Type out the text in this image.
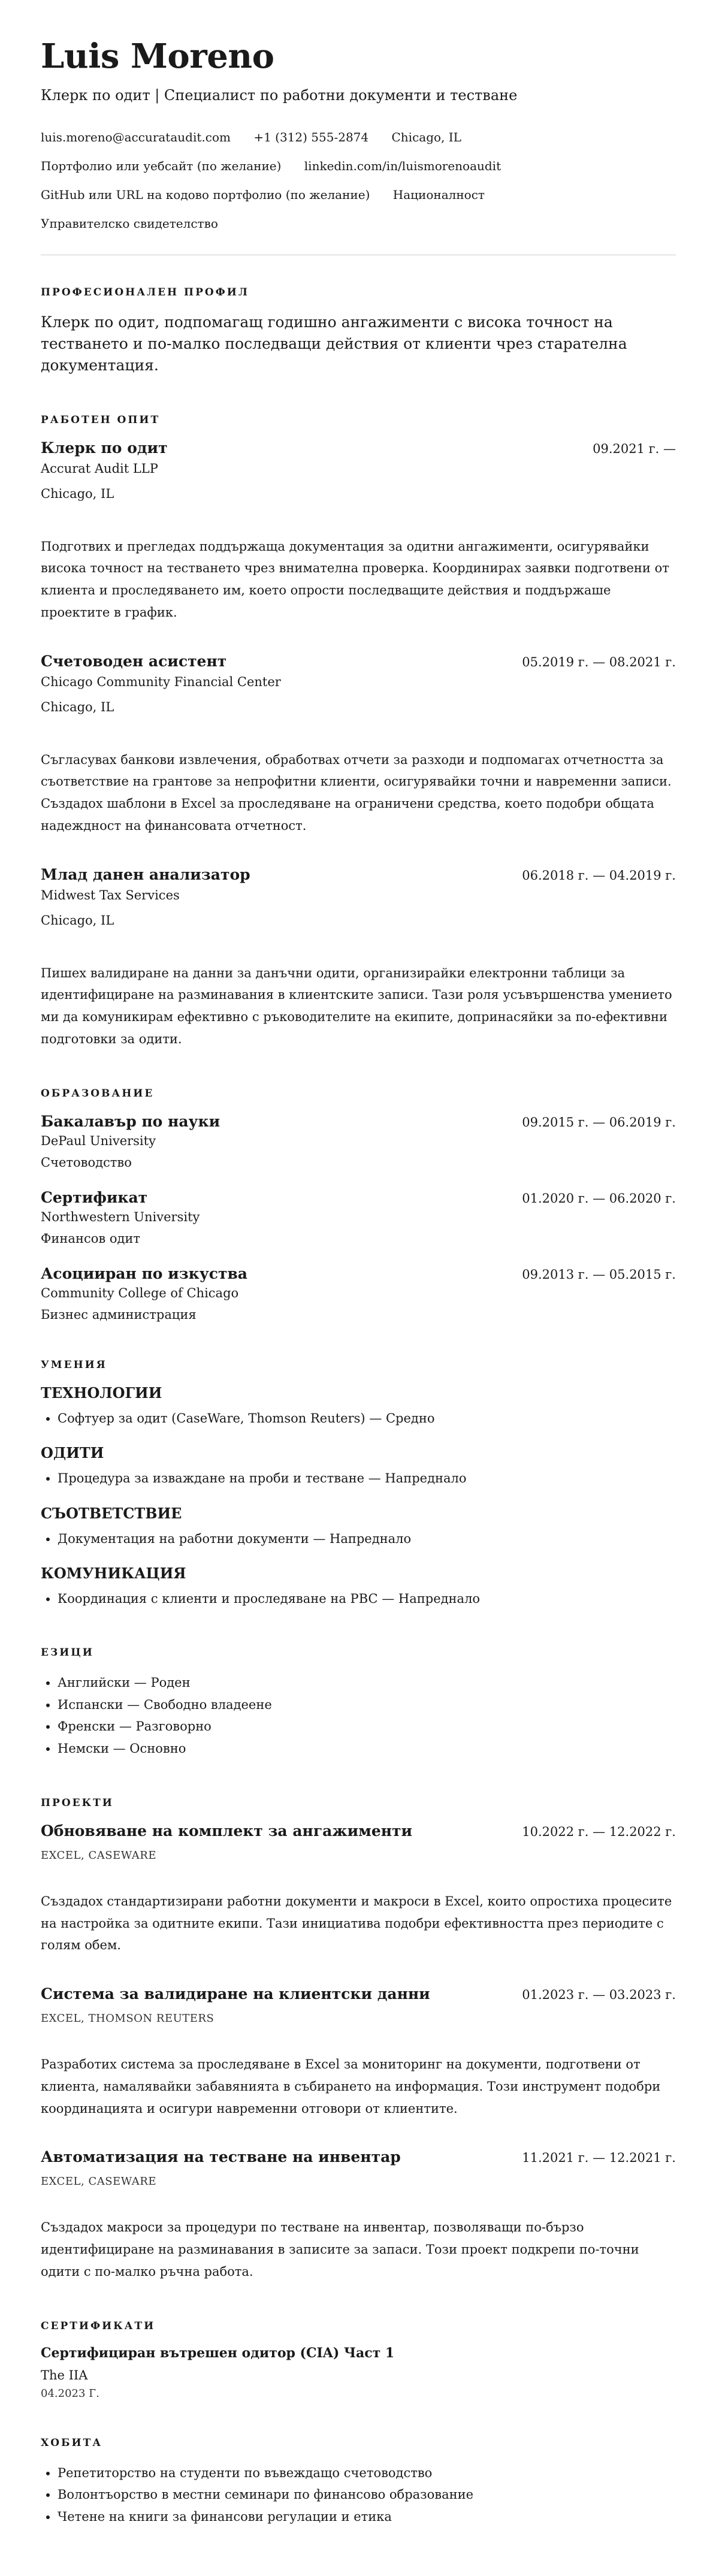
Luis Moreno
Клерк по одит | Специалист по работни документи и тестване
luis.moreno@accurataudit.com +1 (312) 555-2874 Chicago, IL
Портфолио или уебсайт (по желание) linkedin.com/in/luismorenoaudit
GitHub или URL на кодово портфолио (по желание) Националност
Управителско свидетелство
ПРОФЕСИОНАЛЕН ПРОФИЛ

Клерк по одит, подпомагащ годишно ангажименти с висока точност на тестването и по-малко последващи действия от клиенти чрез старателна документация.

РАБОТЕН ОПИТ
Клерк по одит	09.2021 г. —
Accurat Audit LLP
Chicago, IL
Подготвих и прегледах поддържаща документация за одитни ангажименти, осигурявайки висока точност на тестването чрез внимателна проверка. Координирах заявки подготвени от клиента и проследяването им, което опрости последващите действия и поддържаше проектите в график.
Счетоводен асистент	05.2019 г. — 08.2021 г.
Chicago Community Financial Center
Chicago, IL
Съгласувах банкови извлечения, обработвах отчети за разходи и подпомагах отчетността за съответствие на грантове за непрофитни клиенти, осигурявайки точни и навременни записи. Създадох шаблони в Excel за проследяване на ограничени средства, което подобри общата надеждност на финансовата отчетност.
Млад данен анализатор	06.2018 г. — 04.2019 г.
Midwest Tax Services
Chicago, IL
Пишех валидиране на данни за данъчни одити, организирайки електронни таблици за идентифициране на разминавания в клиентските записи. Тази роля усъвършенства умението ми да комуникирам ефективно с ръководителите на екипите, допринасяйки за по-ефективни подготовки за одити.
ОБРАЗОВАНИЕ
Бакалавър по науки	09.2015 г. — 06.2019 г.
DePaul University
Счетоводство
Сертификат	01.2020 г. — 06.2020 г.
Northwestern University
Финансов одит
Асоцииран по изкуства	09.2013 г. — 05.2015 г.
Community College of Chicago
Бизнес администрация
УМЕНИЯ
ТЕХНОЛОГИИ
• Софтуер за одит (CaseWare, Thomson Reuters) — Средно
ОДИТИ
• Процедура за изваждане на проби и тестване — Напреднало
СЪОТВЕТСТВИЕ
• Документация на работни документи — Напреднало
КОМУНИКАЦИЯ
• Координация с клиенти и проследяване на PBC — Напреднало
ЕЗИЦИ
• Английски — Роден
• Испански — Свободно владеене
• Френски — Разговорно
• Немски — Основно
ПРОЕКТИ
Обновяване на комплект за ангажименти	10.2022 г. — 12.2022 г.
EXCEL, CASEWARE
Създадох стандартизирани работни документи и макроси в Excel, които опростиха процесите на настройка за одитните екипи. Тази инициатива подобри ефективността през периодите с голям обем.
Система за валидиране на клиентски данни	01.2023 г. — 03.2023 г.
EXCEL, THOMSON REUTERS
Разработих система за проследяване в Excel за мониторинг на документи, подготвени от клиента, намалявайки забавянията в събирането на информация. Този инструмент подобри координацията и осигури навременни отговори от клиентите.
Автоматизация на тестване на инвентар	11.2021 г. — 12.2021 г.
EXCEL, CASEWARE
Създадох макроси за процедури по тестване на инвентар, позволяващи по-бързо идентифициране на разминавания в записите за запаси. Този проект подкрепи по-точни одити с по-малко ръчна работа.
СЕРТИФИКАТИ
Сертифициран вътрешен одитор (CIA) Част 1
The IIA
04.2023 Г.
ХОБИТА
• Репетиторство на студенти по въвеждащо счетоводство
• Волонтъорство в местни семинари по финансово образование
• Четене на книги за финансови регулации и етика
